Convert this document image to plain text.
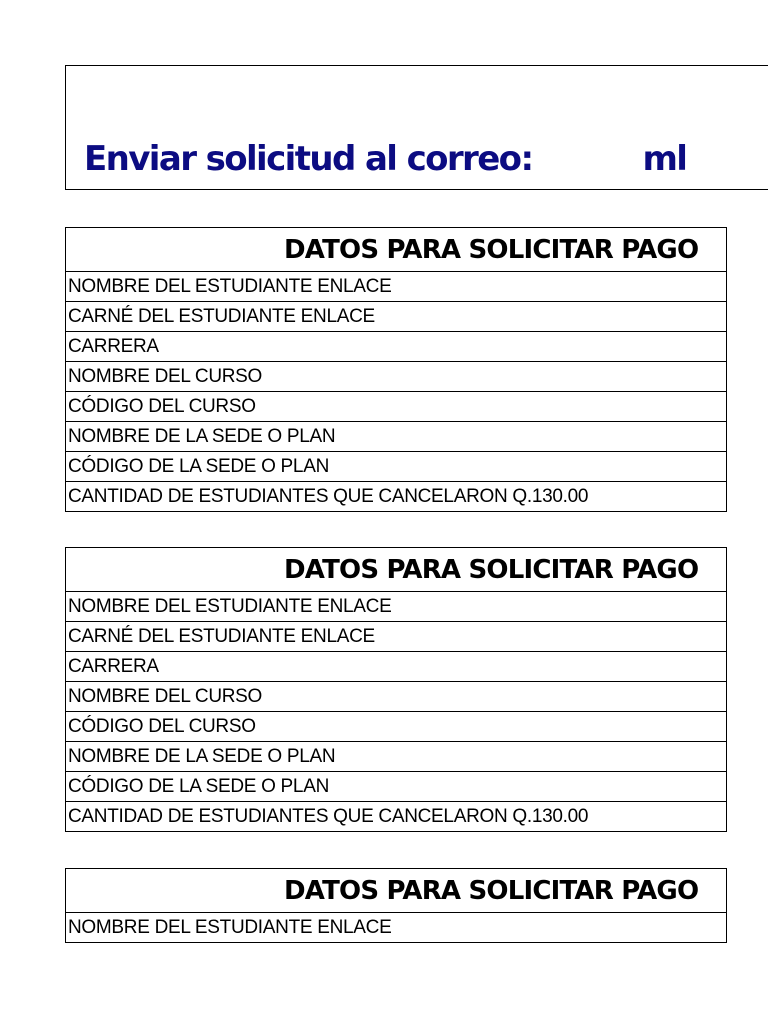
Enviar solicitud al correo:	ml
DATOS PARA SOLICITAR PAGO
NOMBRE DEL ESTUDIANTE ENLACE
CARNÉ DEL ESTUDIANTE ENLACE
CARRERA
NOMBRE DEL CURSO
CÓDIGO DEL CURSO
NOMBRE DE LA SEDE O PLAN
CÓDIGO DE LA SEDE O PLAN
CANTIDAD DE ESTUDIANTES QUE CANCELARON Q.130.00
DATOS PARA SOLICITAR PAGO
NOMBRE DEL ESTUDIANTE ENLACE
CARNÉ DEL ESTUDIANTE ENLACE
CARRERA
NOMBRE DEL CURSO
CÓDIGO DEL CURSO
NOMBRE DE LA SEDE O PLAN
CÓDIGO DE LA SEDE O PLAN
CANTIDAD DE ESTUDIANTES QUE CANCELARON Q.130.00
DATOS PARA SOLICITAR PAGO
NOMBRE DEL ESTUDIANTE ENLACE
